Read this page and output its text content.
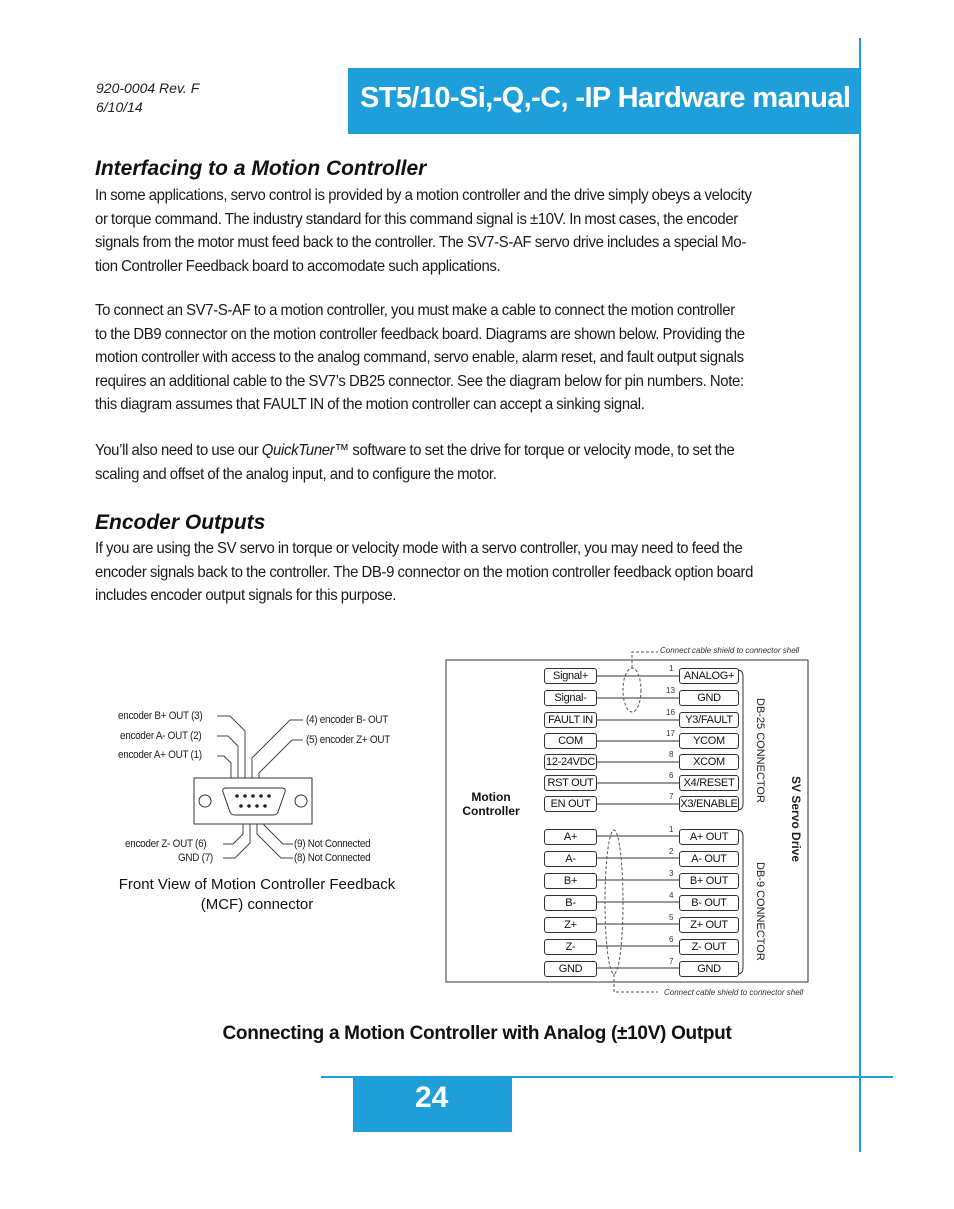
920-0004 Rev. F
6/10/14	ST5/10-Si,-Q,-C, -IP Hardware manual
Interfacing to a Motion Controller
In some applications, servo control is provided by a motion controller and the drive simply obeys a velocity
or torque command. The industry standard for this command signal is ±10V. In most cases, the encoder
signals from the motor must feed back to the controller. The SV7-S-AF servo drive includes a special Mo-
tion Controller Feedback board to accomodate such applications.
To connect an SV7-S-AF to a motion controller, you must make a cable to connect the motion controller
to the DB9 connector on the motion controller feedback board. Diagrams are shown below. Providing the
motion controller with access to the analog command, servo enable, alarm reset, and fault output signals
requires an additional cable to the SV7’s DB25 connector. See the diagram below for pin numbers. Note:
this diagram assumes that FAULT IN of the motion controller can accept a sinking signal.
You’ll also need to use our QuickTuner™ software to set the drive for torque or velocity mode, to set the
scaling and offset of the analog input, and to configure the motor.
Encoder Outputs
If you are using the SV servo in torque or velocity mode with a servo controller, you may need to feed the
encoder signals back to the controller. The DB-9 connector on the motion controller feedback option board
includes encoder output signals for this purpose.
encoder B+ OUT (3)
encoder A- OUT (2)
encoder A+ OUT (1)
(4) encoder B- OUT
(5) encoder Z+ OUT
encoder Z- OUT (6)
GND (7)
(9) Not Connected
(8) Not Connected
Front View of Motion Controller Feedback
(MCF) connector
Connect cable shield to connector shell
Connect cable shield to connector shell
Motion
Controller
Signal+
Signal-
FAULT IN
COM
12-24VDC
RST OUT
EN OUT
ANALOG+
GND
Y3/FAULT
YCOM
XCOM
X4/RESET
X3/ENABLE
1
13
16
17
8
6
7
A+
A-
B+
B-
Z+
Z-
GND
A+ OUT
A- OUT
B+ OUT
B- OUT
Z+ OUT
Z- OUT
GND
1
2
3
4
5
6
7
DB-25 CONNECTOR
DB-9 CONNECTOR
SV Servo Drive
Connecting a Motion Controller with Analog (±10V) Output
24
